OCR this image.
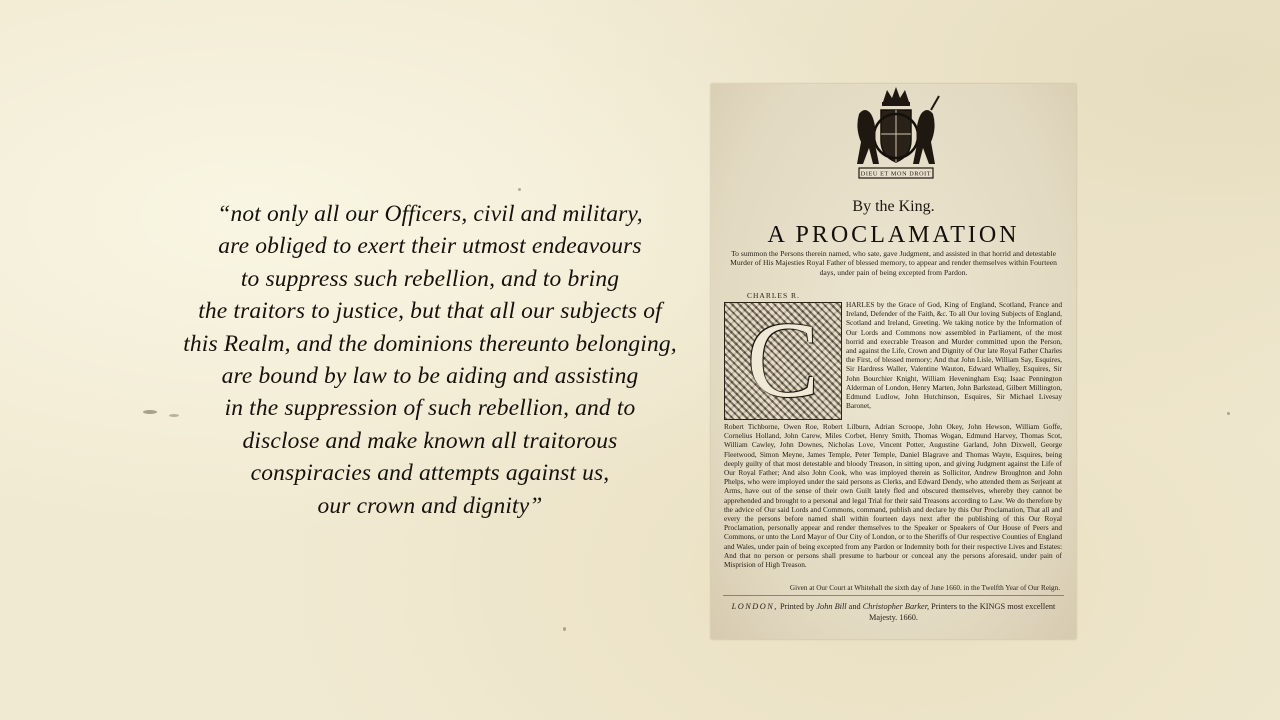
“not only all our Officers, civil and military,
are obliged to exert their utmost endeavours
to suppress such rebellion, and to bring
the traitors to justice, but that all our subjects of
this Realm, and the dominions thereunto belonging,
are bound by law to be aiding and assisting
in the suppression of such rebellion, and to
disclose and make known all traitorous
conspiracies and attempts against us,
our crown and dignity”
DIEU ET MON DROIT
By the King.
A PROCLAMATION
To summon the Persons therein named, who sate, gave Judgment, and assisted in that horrid and detestable Murder of His Majesties Royal Father of blessed memory, to appear and render themselves within Fourteen days, under pain of being excepted from Pardon.
CHARLES R.
C	HARLES by the Grace of God, King of England, Scotland, France and Ireland, Defender of the Faith, &c. To all Our loving Subjects of England, Scotland and Ireland, Greeting. We taking notice by the Information of Our Lords and Commons now assembled in Parliament, of the most horrid and execrable Treason and Murder committed upon the Person, and against the Life, Crown and Dignity of Our late Royal Father Charles the First, of blessed memory; And that John Lisle, William Say, Esquires, Sir Hardress Waller, Valentine Wauton, Edward Whalley, Esquires, Sir John Bourchier Knight, William Heveningham Esq; Isaac Pennington Alderman of London, Henry Marten, John Barkstead, Gilbert Millington, Edmund Ludlow, John Hutchinson, Esquires, Sir Michael Livesay Baronet,
Robert Tichborne, Owen Roe, Robert Lilburn, Adrian Scroope, John Okey, John Hewson, William Goffe, Cornelius Holland, John Carew, Miles Corbet, Henry Smith, Thomas Wogan, Edmund Harvey, Thomas Scot, William Cawley, John Downes, Nicholas Love, Vincent Potter, Augustine Garland, John Dixwell, George Fleetwood, Simon Meyne, James Temple, Peter Temple, Daniel Blagrave and Thomas Wayte, Esquires, being deeply guilty of that most detestable and bloody Treason, in sitting upon, and giving Judgment against the Life of Our Royal Father; And also John Cook, who was imployed therein as Sollicitor, Andrew Broughton and John Phelps, who were imployed under the said persons as Clerks, and Edward Dendy, who attended them as Serjeant at Arms, have out of the sense of their own Guilt lately fled and obscured themselves, whereby they cannot be apprehended and brought to a personal and legal Trial for their said Treasons according to Law. We do therefore by the advice of Our said Lords and Commons, command, publish and declare by this Our Proclamation, That all and every the persons before named shall within fourteen days next after the publishing of this Our Royal Proclamation, personally appear and render themselves to the Speaker or Speakers of Our House of Peers and Commons, or unto the Lord Mayor of Our City of London, or to the Sheriffs of Our respective Counties of England and Wales, under pain of being excepted from any Pardon or Indemnity both for their respective Lives and Estates: And that no person or persons shall presume to harbour or conceal any the persons aforesaid, under pain of Misprision of High Treason.
Given at Our Court at Whitehall the sixth day of June 1660. in the Twelfth Year of Our Reign.
LONDON, Printed by John Bill and Christopher Barker, Printers to the KINGS most excellent Majesty. 1660.
